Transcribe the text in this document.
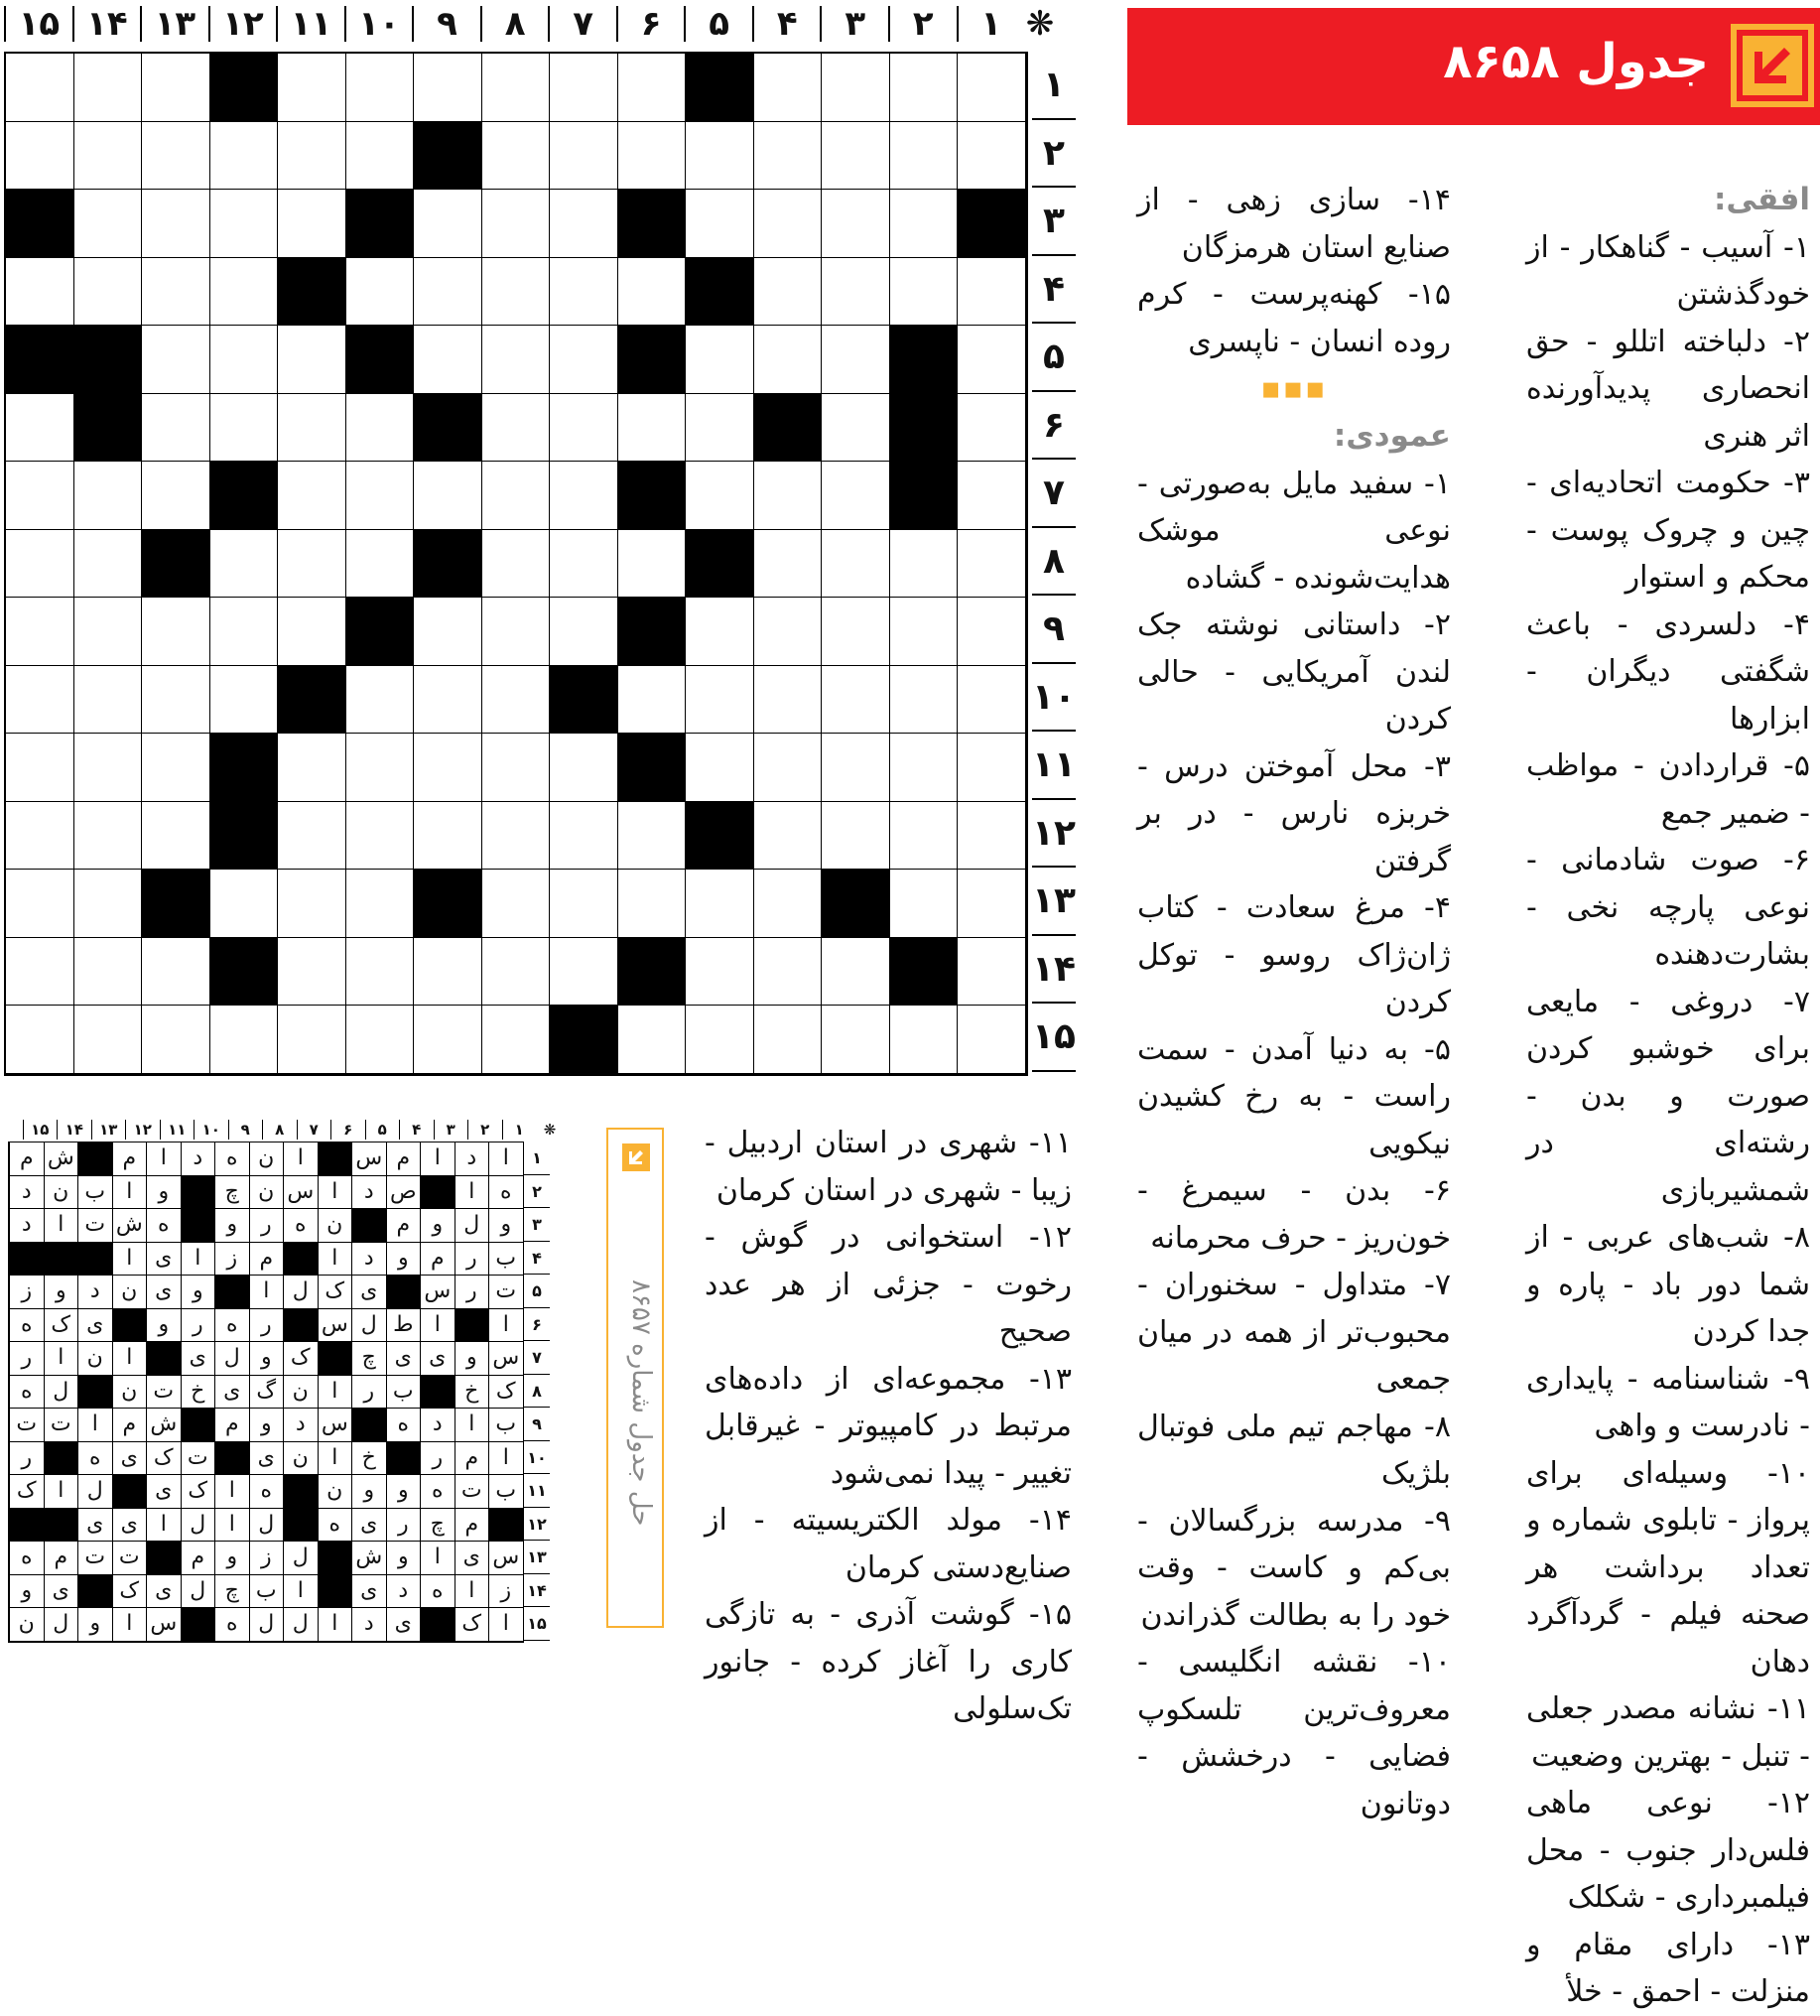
جدول ۸۶۵۸

افقی:

۱- آسیب - گناهکار - از خودگذشتن

۲- دلباخته اتللو - حق انحصاری پدیدآورنده اثر هنری

۳- حکومت اتحادیه‌ای - چین و چروک پوست - محکم و استوار

۴- دلسردی - باعث شگفتی دیگران - ابزارها

۵- قراردادن - مواظب - ضمیر جمع

۶- صوت شادمانی - نوعی پارچه نخی - بشارت‌دهنده

۷- دروغی - مایعی برای خوشبو کردن صورت و بدن - رشته‌ای در شمشیربازی

۸- شب‌های عربی - از شما دور باد - پاره و جدا کردن

۹- شناسنامه - پایداری - نادرست و واهی

۱۰- وسیله‌ای برای پرواز - تابلوی شماره و تعداد برداشت هر صحنه فیلم - گردآگرد دهان

۱۱- نشانه مصدر جعلی - تنبل - بهترین وضعیت

۱۲- نوعی ماهی فلس‌دار جنوب - محل فیلمبرداری - شکلک

۱۳- دارای مقام و منزلت - احمق - خلأ

۱۴- سازی زهی - از صنایع استان هرمزگان

۱۵- کهنه‌پرست - کرم روده انسان - ناپسری

▪▪▪

عمودی:

۱- سفید مایل به‌صورتی - نوعی موشک هدایت‌شونده - گشاده

۲- داستانی نوشته جک لندن آمریکایی - حالی کردن

۳- محل آموختن درس - خربزه نارس - در بر گرفتن

۴- مرغ سعادت - کتاب ژان‌ژاک روسو - توکل کردن

۵- به دنیا آمدن - سمت راست - به رخ کشیدن نیکویی

۶- بدن - سیمرغ - خون‌ریز - حرف محرمانه

۷- متداول - سخنوران - محبوب‌تر از همه در میان جمعی

۸- مهاجم تیم ملی فوتبال بلژیک

۹- مدرسه بزرگسالان - بی‌کم و کاست - وقت خود را به بطالت گذراندن

۱۰- نقشه انگلیسی - معروف‌ترین تلسکوپ فضایی - درخشش - دوتانون

۱۱- شهری در استان اردبیل - زیبا - شهری در استان کرمان

۱۲- استخوانی در گوش - رخوت - جزئی از هر عدد صحیح

۱۳- مجموعه‌ای از داده‌های مرتبط در کامپیوتر - غیرقابل تغییر - پیدا نمی‌شود

۱۴- مولد الکتریسیته - از صنایع‌دستی کرمان

۱۵- گوشت آذری - به تازگی کاری را آغاز کرده - جانور تک‌سلولی

❋
۱
۲
۳
۴
۵
۶
۷
۸
۹
۱۰
۱۱
۱۲
۱۳
۱۴
۱۵
۱
۲
۳
۴
۵
۶
۷
۸
۹
۱۰
۱۱
۱۲
۱۳
۱۴
۱۵
حل جدول شماره ۸۶۵۷
❋
۱
۲
۳
۴
۵
۶
۷
۸
۹
۱۰
۱۱
۱۲
۱۳
۱۴
۱۵
ا
د
ا
م
س
ا
ن
ه
د
ا
م
ش
م
ه
ا
ص
د
ا
س
ن
چ
و
ا
ب
ن
د
و
ل
و
م
ن
ه
ر
و
ه
ش
ت
ا
د
ب
ر
م
و
د
ا
م
ز
ا
ی
ا
ت
ر
س
ی
ک
ل
ا
و
ی
ن
د
و
ز
ا
ا
ط
ل
س
ر
ه
ر
و
ی
ک
ه
س
و
ی
ی
چ
ک
و
ل
ی
ا
ن
ا
ر
ک
خ
ب
ر
ا
ن
گ
ی
خ
ت
ن
ل
ه
ب
ا
د
ه
س
د
و
م
ش
م
ا
ت
ت
ا
م
ر
خ
ا
ن
ی
ت
ک
ی
ه
ر
ب
ت
ه
و
و
ن
ه
ا
ک
ی
ل
ا
ک
م
چ
ر
ی
ه
ل
ا
ل
ا
ی
ی
س
ی
ا
و
ش
ل
ز
و
م
ت
ت
م
ه
ز
ا
ه
د
ی
ا
ب
چ
ل
ی
ک
ی
و
ا
ک
ی
د
ا
ل
ل
ه
س
ا
و
ل
ن
۱
۲
۳
۴
۵
۶
۷
۸
۹
۱۰
۱۱
۱۲
۱۳
۱۴
۱۵
